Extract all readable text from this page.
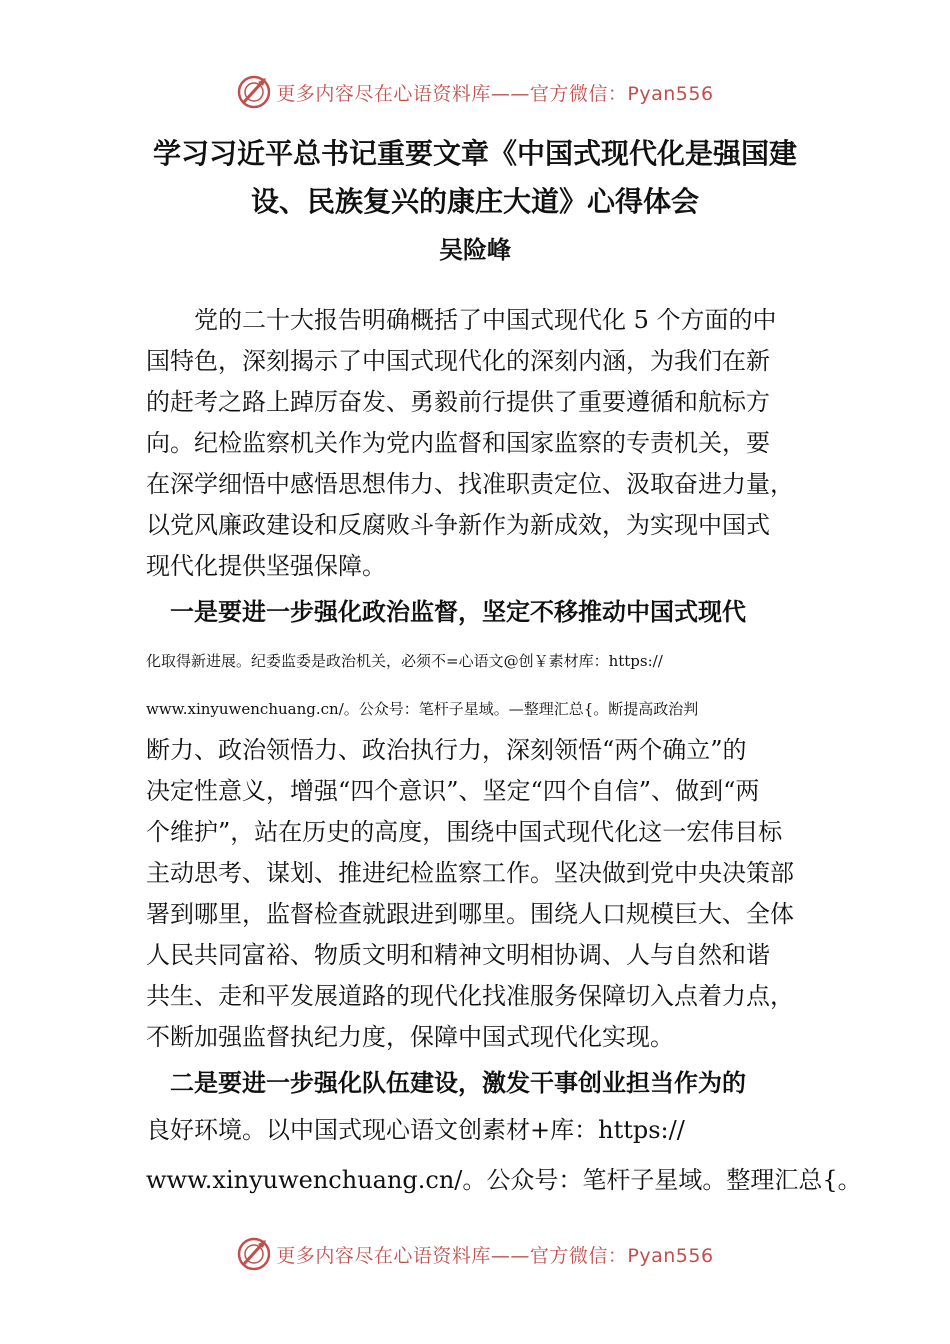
更多内容尽在心语资料库——官方微信：Pyan556
学习习近平总书记重要文章《中国式现代化是强国建
设、民族复兴的康庄大道》心得体会
吴险峰
　　党的二十大报告明确概括了中国式现代化 5 个方面的中
国特色，深刻揭示了中国式现代化的深刻内涵，为我们在新
的赶考之路上踔厉奋发、勇毅前行提供了重要遵循和航标方
向。纪检监察机关作为党内监督和国家监察的专责机关，要
在深学细悟中感悟思想伟力、找准职责定位、汲取奋进力量，
以党风廉政建设和反腐败斗争新作为新成效，为实现中国式
现代化提供坚强保障。
　一是要进一步强化政治监督，坚定不移推动中国式现代
化取得新进展。纪委监委是政治机关，必须不=心语文@创￥素材库：https://
www.xinyuwenchuang.cn/。公众号：笔杆子星域。—整理汇总{。断提高政治判
断力、政治领悟力、政治执行力，深刻领悟“两个确立”的
决定性意义，增强“四个意识”、坚定“四个自信”、做到“两
个维护”，站在历史的高度，围绕中国式现代化这一宏伟目标
主动思考、谋划、推进纪检监察工作。坚决做到党中央决策部
署到哪里，监督检查就跟进到哪里。围绕人口规模巨大、全体
人民共同富裕、物质文明和精神文明相协调、人与自然和谐
共生、走和平发展道路的现代化找准服务保障切入点着力点，
不断加强监督执纪力度，保障中国式现代化实现。
　二是要进一步强化队伍建设，激发干事创业担当作为的
良好环境。以中国式现心语文创素材+库：https://
www.xinyuwenchuang.cn/。公众号：笔杆子星域。整理汇总{。
更多内容尽在心语资料库——官方微信：Pyan556
